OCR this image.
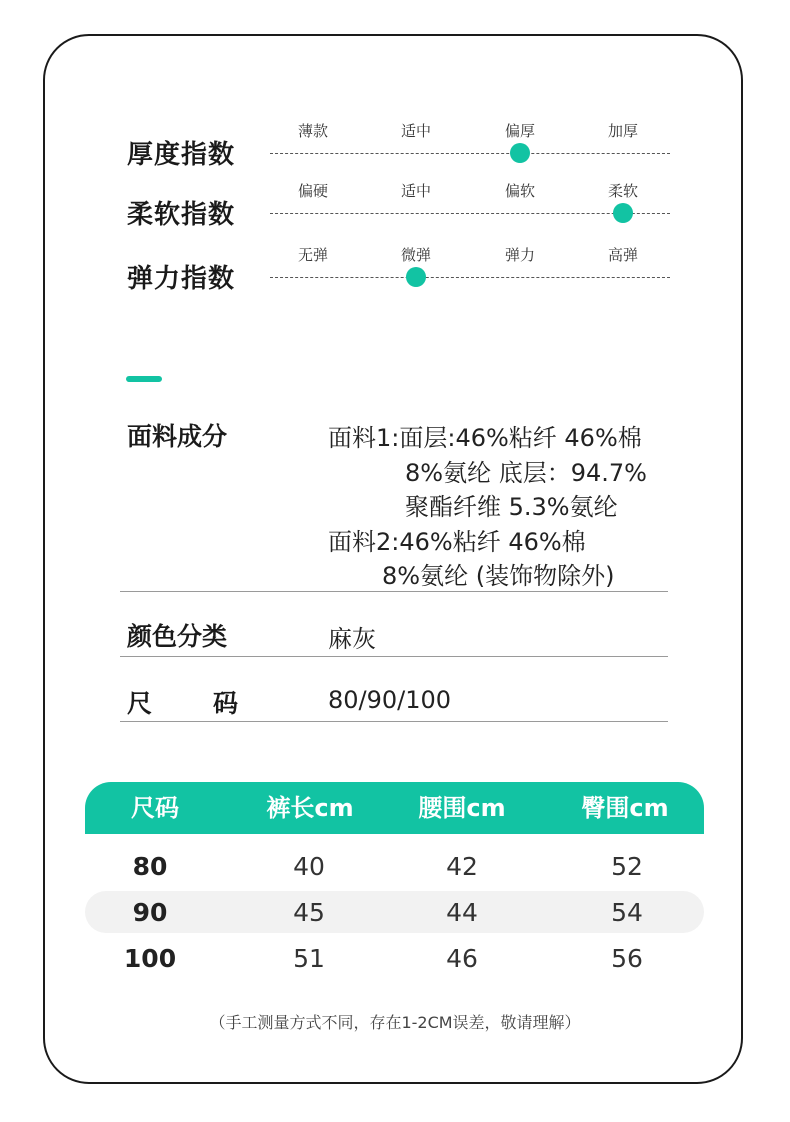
厚度指数
薄款	适中	偏厚	加厚
柔软指数
偏硬	适中	偏软	柔软
弹力指数
无弹	微弹	弹力	高弹
面料成分	面料1:面层:46%粘纤 46%棉
8%氨纶 底层：94.7%
聚酯纤维 5.3%氨纶
面料2:46%粘纤 46%棉
8%氨纶 (装饰物除外)
颜色分类	麻灰
尺 码	80/90/100
尺码	裤长cm	腰围cm	臀围cm
80	40	42	52
90	45	44	54
100	51	46	56
（手工测量方式不同，存在1-2CM误差，敬请理解）
